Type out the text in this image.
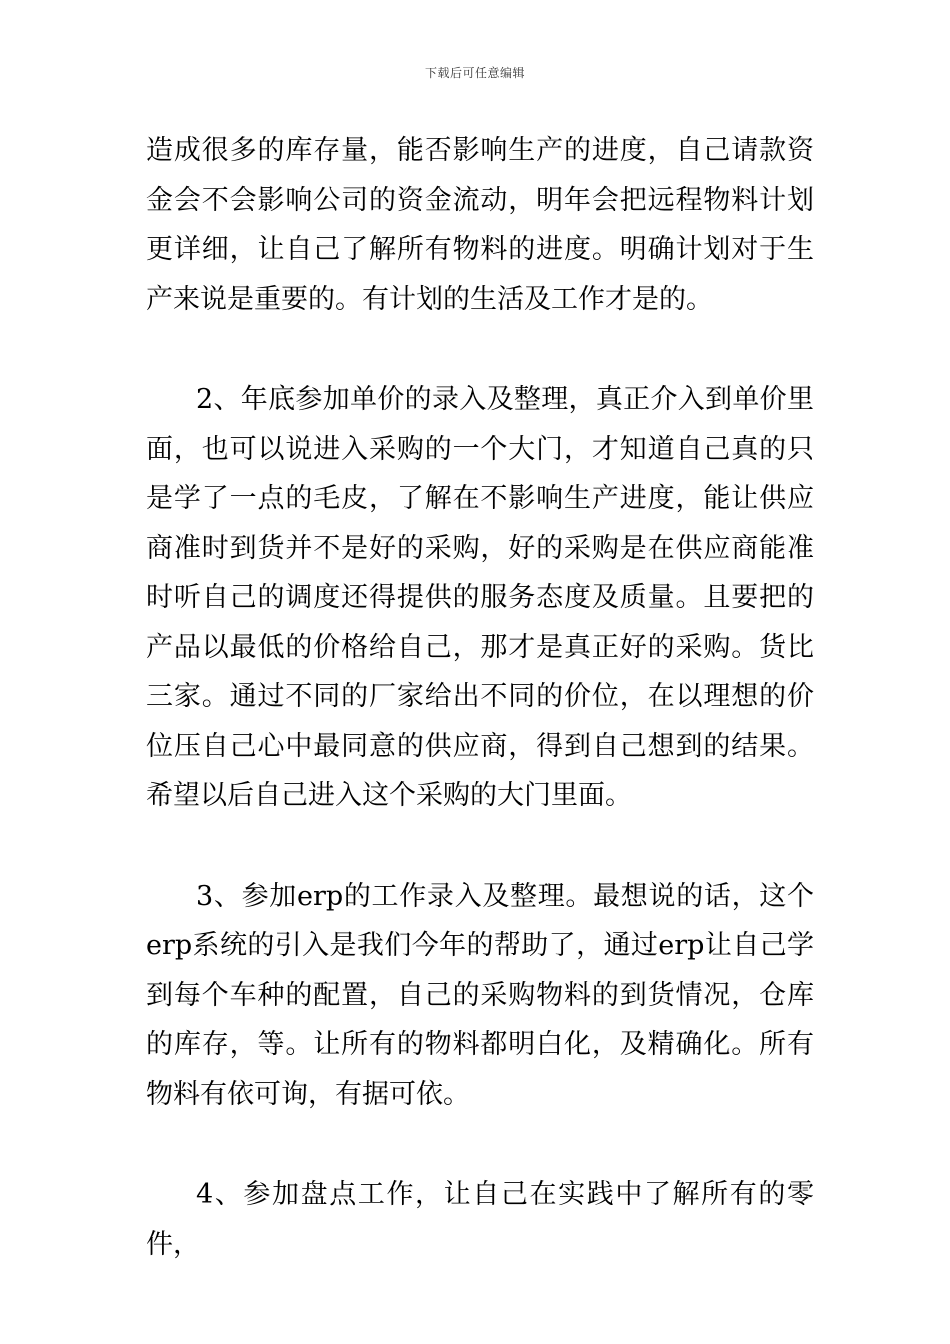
下载后可任意编辑

造成很多的库存量，能否影响生产的进度，自己请款资金会不会影响公司的资金流动，明年会把远程物料计划更详细，让自己了解所有物料的进度。明确计划对于生产来说是重要的。有计划的生活及工作才是的。

2、年底参加单价的录入及整理，真正介入到单价里面，也可以说进入采购的一个大门，才知道自己真的只是学了一点的毛皮，了解在不影响生产进度，能让供应商准时到货并不是好的采购，好的采购是在供应商能准时听自己的调度还得提供的服务态度及质量。且要把的产品以最低的价格给自己，那才是真正好的采购。货比三家。通过不同的厂家给出不同的价位，在以理想的价位压自己心中最同意的供应商，得到自己想到的结果。希望以后自己进入这个采购的大门里面。

3、参加erp的工作录入及整理。最想说的话，这个erp系统的引入是我们今年的帮助了，通过erp让自己学到每个车种的配置，自己的采购物料的到货情况，仓库的库存，等。让所有的物料都明白化，及精确化。所有物料有依可询，有据可依。

4、参加盘点工作，让自己在实践中了解所有的零件，
